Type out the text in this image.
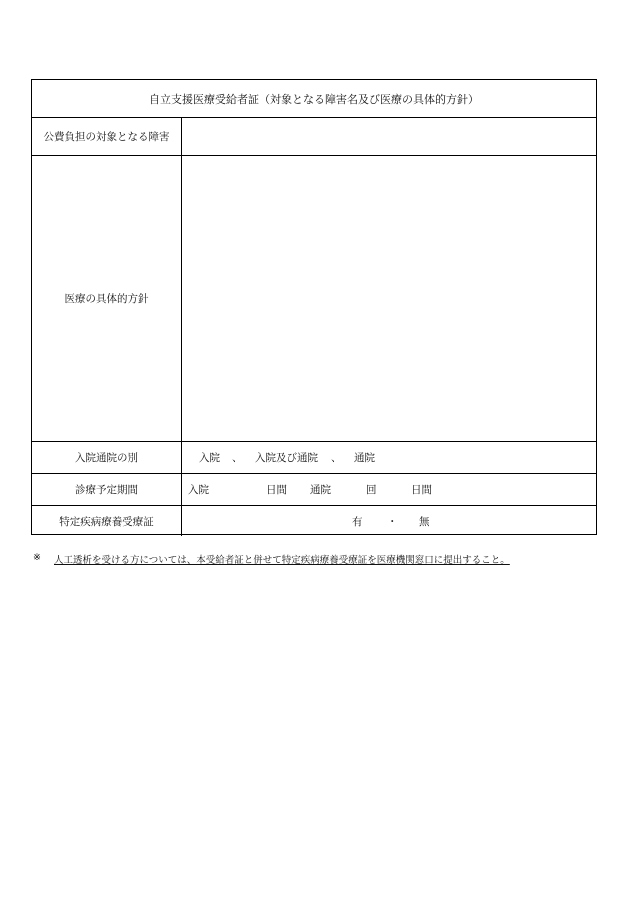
自立支援医療受給者証（対象となる障害名及び医療の具体的方針）
公費負担の対象となる障害
医療の具体的方針
入院通院の別	入院 、 入院及び通院 、 通院
診療予定期間	入院	日間 通院	回	日間
特定疾病療養受療証	有 ・ 無
※ 人工透析を受ける方については、本受給者証と併せて特定疾病療養受療証を医療機関窓口に提出すること。
